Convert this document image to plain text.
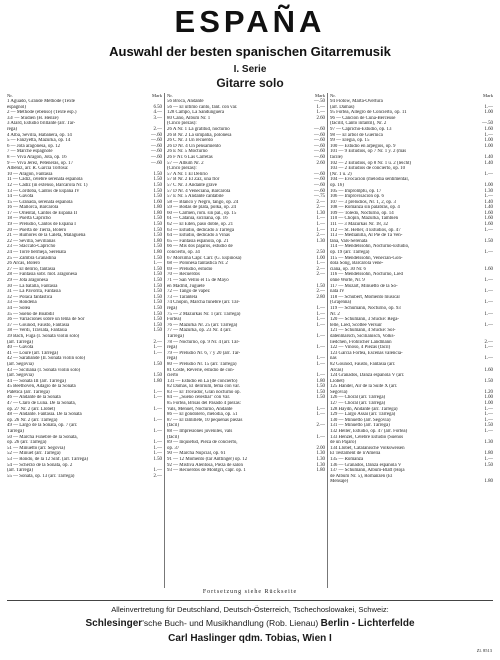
ESPAÑA
Auswahl der besten spanischen Gitarremusik
I. Serie
Gitarre solo
Nr.	Mark
1 Aguado, Grande Méthode (Texte
espagnol)	6.50
2 — Méthode (ebenso) (Texte esp.)	4.—
33/ — Studien (H. Henze)	3.—
3 Alard, Estudio brillante (arr. Tár-
rega)	2.—
4 Alba, Sevilla, Habanera, op. 14	—.60
5 — Fanzyetta, Mazurka, op. 14	—.60
6 — Jota aragonesa, op. 12	—.60
7 — Marche espagnole	—.60
8 — Viva Aragon, Jota, op. 16	—.60
9 — Viva Jerez, Peteneras, op. 17	—.60
Albéniz, arr. R. García Tortosa:
10 — Aragón, Fantasía	1.50
11 — Cádiz, célebre serenata española	1.50
12 — Cádiz (in extenso, Barcarola Nr. 1)	1.50
13 — Córdoba, Cantos de España IV	1.50
14 — Gavota	1.50
15 — Granada, serenata española	1.60
16 — Mallorca, Barcarola	1.80
17 — Oriental, Cantos de España II	1.80
18 — Puerta Capricho	1.50
19 — Preludio, Cantos de España I	1.50
20 — Puerta de Tierra, Bolero	1.50
21 — Rumores de la Caleta, Malagueña	1.50
22 — Sevilla, Sevillanas	1.80
23 — Staccato-Capricho	1.50
24 — Torre bermeja, Serenata	1.80
25 — Zambra Granadina	1.50
26 Arcas, Bolero	1.—
27 — El delirio, fantasía	1.50
28 — Fantasía sobr. mot. aragonesa	1.50
29 — Jota aragonesa	1.50
30 — La batalla, Fantasía	1.50
31 — La Pavorita, Fantasía	1.50
32 — Polaca fantástica	1.50
33 — Rondeña	1.50
34 — Soleá	1.50
35 — Sueño de Boabdil	1.50
36 — Variaciones sobre un tema de Sor	1.50
37 — Gounod, Fausto, Fantasía	1.50
38 — Verdi, Traviata, Fantasía	1.50
39 Bach, Fuga (I. Sonata violín solo)
(arr. Tárrega)	2.—
40 — Gavota	1.—
41 — Loure (arr. Tárrega)	1.—
42 — Sarabande (II. Sonata violín solo)
(arr. Segovia)	1.50
43 — Siciliana (I. Sonata violín solo)
(arr. Segovia)	1.50
44 — Sonata III (arr. Tárrega)	1.80
45 Beethoven, Adagio de la Sonata
Patética (arr. Tárrega)	1.—
46 — Andante de la Sonata	1.—
47 — Claro de Luna. De la Sonata,
op. 27 Nr. 2 (arr. Llobet)	1.—
48 — Andante. Fantasía. De la Sonata
op. 26 Nr. 2 (arr. Tárrega)	1.—
49 — Largo de la Sonata, op. 7 (arr.
Tárrega)	1.—
50 — Marcha Fúnebre de la Sonata,
op. 26 (arr. Tárrega)	1.—
51 — Minuetto (arr. Segovia)	1.—
52 — Minuet (arr. Tárrega)	1.—
53 — Rondo, de la 12 Sinf. (arr. Tárrega)	1.50
54 — Scherzo de la Sonata, op. 2
(arr. Tárrega)	1.—
55 — Sonata, op. 13 (arr. Tárrega)	2.—
Nr.	Mark
56 Broca, Andante	—.50
56 — El último canto, fant. con var.	1.—
128 Campo, La Sandunguera	1.—
80 Cano, Album Nr. 1	2.60
(Cinco piezas):
26 A Nr. 1 La gratitud, nocturno	—.60
26 B Nr. 2 La simpatia, polonesa	—.60
26 C Nr. 3 Un recuerdo	—.60
26 D Nr. 4 Un pensamiento	—.60
26 E Nr. 5 Mocturno	—.60
26 F Nr. 6 Las Carretas	—.60
57 — Album Nr. 2	2.60
(Cinco piezas):
57 A Nr. 1 El Delirio	—.60
57 B Nr. 2 El Zaz, una flor	—.60
57 C Nr. 3 Andante grave	—.60
57 D Nr. 4 Venecíana, Barcarola	—.60
57 E Nr. 5 Andante cantábile	—.75
58 — Blanco y Negro, tango, op. 24	2.—
59 — Bodas de plata, polka, op. 24	2.—
60 — Carmen, rom. sin pal., op. 15	1.30
61 — Catania, siciliana, op. 16	1.—
62 — El Eden, paso doble, op. 21	1.—
63 — Estudio, dedicado a Tárrega	1.—
64 — Estudio, dedicado a Viñas	2.—
65 — Fantasía española, op. 21	1.30
66 — Mis dos pájaros, estudio de
concierto, op. 34	2.50
67 Morsima Capr. Carr. (G. Espinosa)	1.00
68 — Polonesa fantástica Nr. 2	1.—
69 — Preludio, estudio	2.—
70 — Recuerdos	2.—
71 — San Vellio el 15 de Mayo
en Madrid, Juguete	1.50
72 — Tango de vapez	2.—
73 — Tarantela	2.80
74 Chopin, Marcha fúnebre (arr. Tár-
rega)	1.—
75 — 2 Mazurkas Nr. 1 (arr. Tárrega)	1.—
Fortea)	1.—
76 — Mazurka Nr. 25 (arr. Tárrega)	1.—
77 — Mazurka, op. 23 Nr. 4 (arr.
Tárrega)	1.—
78 — Nocturno, op. 9 Nr. 4 (arr. Tár-
rega)	1.—
79 — Preludio Nr. 6, 7 y 20 (arr. Tár-
rega)	1.—
80 — Preludio Nr. 15 (arr. Tárrega)	1.—
81 Coste, Rêverie, estudio de con-
cierto	1.—
131 — Estudio en La (de concierto)	1.80
82 Damas, El delirium, tema con var.	1.50
83 — El Trovador, Gran nocturno op.	1.50
84 — „Sueño celestial" con Var.	1.50
85 Fortea, Brisas del Pasado 4 piezas:
Vals, Menuet, Nocturno, Andante	1.—
86 — El gondolero, melodía, op. 51	1.—
87 — El ramillete, 10 pequeñas piezas
(facil)	2.—
88 — Impresiones juveniles, vals
(facil)	1.—
89 — Inquietud, Pieza de concierto,
op. 37	2.00
90 — Marcha Nupcial, op. 61	1.30
91 — 12 Momento (tar Anttinger) op. 12	1.30
92 — Mistiva Alentosa, Pieza de salon	1.30
93 — Recuerdos de Montgri, capr. op. 1	1.80
Nr.	Mark
94 Flotow, Marta-Overtura
(arr. Damas)	1.—
95 Fortea, Allegro de Concierto, op. 11	1.00
96 — Canción de Cuna-Berceuse
(facilit, Canto infantil), Nr. 2	—.50
97 — Capricho-Estudio, op. 13	1.60
98 — El árbol de Guernica	1.—
99 — Elegía, op. 15	1.00
100 — Estudio en arpegios, op. 9	1.00
101 — 9 Estudios, op 7 Nr. 1 y. 2 (más
facile)	1.40
102 — 2 Estudios, op 8 Nr. 1 u. 2 (leicht)	1.40
103 — 2 Estudios de concierto, op. 10
(Nr. 1 u. 2)	1.—
104 — Evocación (melodía sentimental,
op. 16)	1.00
105 — Impromptu, op. 17	1.30
106 — Improvisación op. 6	1.—
107 — 3 preludios, Nr. 1, 2, op. 3	1.40
108 — Romanza sin palabras, op. 4	1.40
109 — Toledo, Nocturno, op. 14	1.60
110 — Chopin, Mazurka, También	1.60
111 — 3 Mazurkas Nr. 18, 32	1.60
112 — St. Heller, 4 Estudios, op. 47	1.—
113 — Medianilla, Al Pie de Ta Ven-
tana, Vals-Serenata	1.50
114 — Mendelssohn, Nocturno-Estudio,
op. 19 (arr. Tárrega)	1.—
115 — Mendelssohn, Venecian-Gon-
dola Song, Barcarola vene-
ciana, op. 30 Nr. 6	1.60
116 — Mendelssohn, Nocturno, Lied
ohne Worte, Nr. 9	1.—
117 — Mozart, Minuetto de la So-
nata IV	1.—
118 — Schubert, Momento musical
(Grajenna)	1.—
119 — Schumann, Nocturno, op. 93
Nr. 2	1.—
120 — Schumann, 3 Stücke: Rega-
telle, Lied, Scottee Versuir	1.—
121 — Schumann, 4 Stücke: Sol-
datenmarsch, Sicilianisch, Volks-
liedchen, Fröhlicher Landmann	2.—
122 — Vinoso, 4 Piezas (fácil)	1.—
123 García Fortea, Escenas valencia-
nas	1.—
82 Gounod, Fausto, Fantasía (arr.
Arcas)	1.60
124 Granados, Danza española V (arr.
Llobet)	1.50
125 Handel, Air de la Suite X (arr.
Segovia)	1.20
126 — Choral (arr. Tárrega)	1.00
127 — Choral (arr. Tárrega)	1.00
128 Haydn, Andante (arr. Tárrega)	1.—
129 — Largo Assai (arr. Tárrega)	1.—
130 — Minuetto (arr. Segovia)	1.—
131 — Minuetto (arr. Tárrega)	1.50
132 Heller, Estudio, op. 47 (arr. Fortea)	1.—
133 Henzel, Célebre Estudio (Sueños
de un Pájaro)	1.30
134 Llobet, Catalanische Volksweisen
El Testament de n'Amelia	1.80
135 — Romanza	1.—
136 — Granados, Danza española V	1.50
137 — Schumann, Album-Blatt (Hoja
de Album Nr. 5), Romanzen (El
Mensaje)	1.80
Fortsetzung siehe Rückseite
Alleinvertretung für Deutschland, Deutsch-Österreich, Tschechoslowakei, Schweiz:
Schlesinger'sche Buch- und Musikhandlung (Rob. Lienau) Berlin - Lichterfelde
Carl Haslinger qdm. Tobias, Wien I
Zl. 8513
